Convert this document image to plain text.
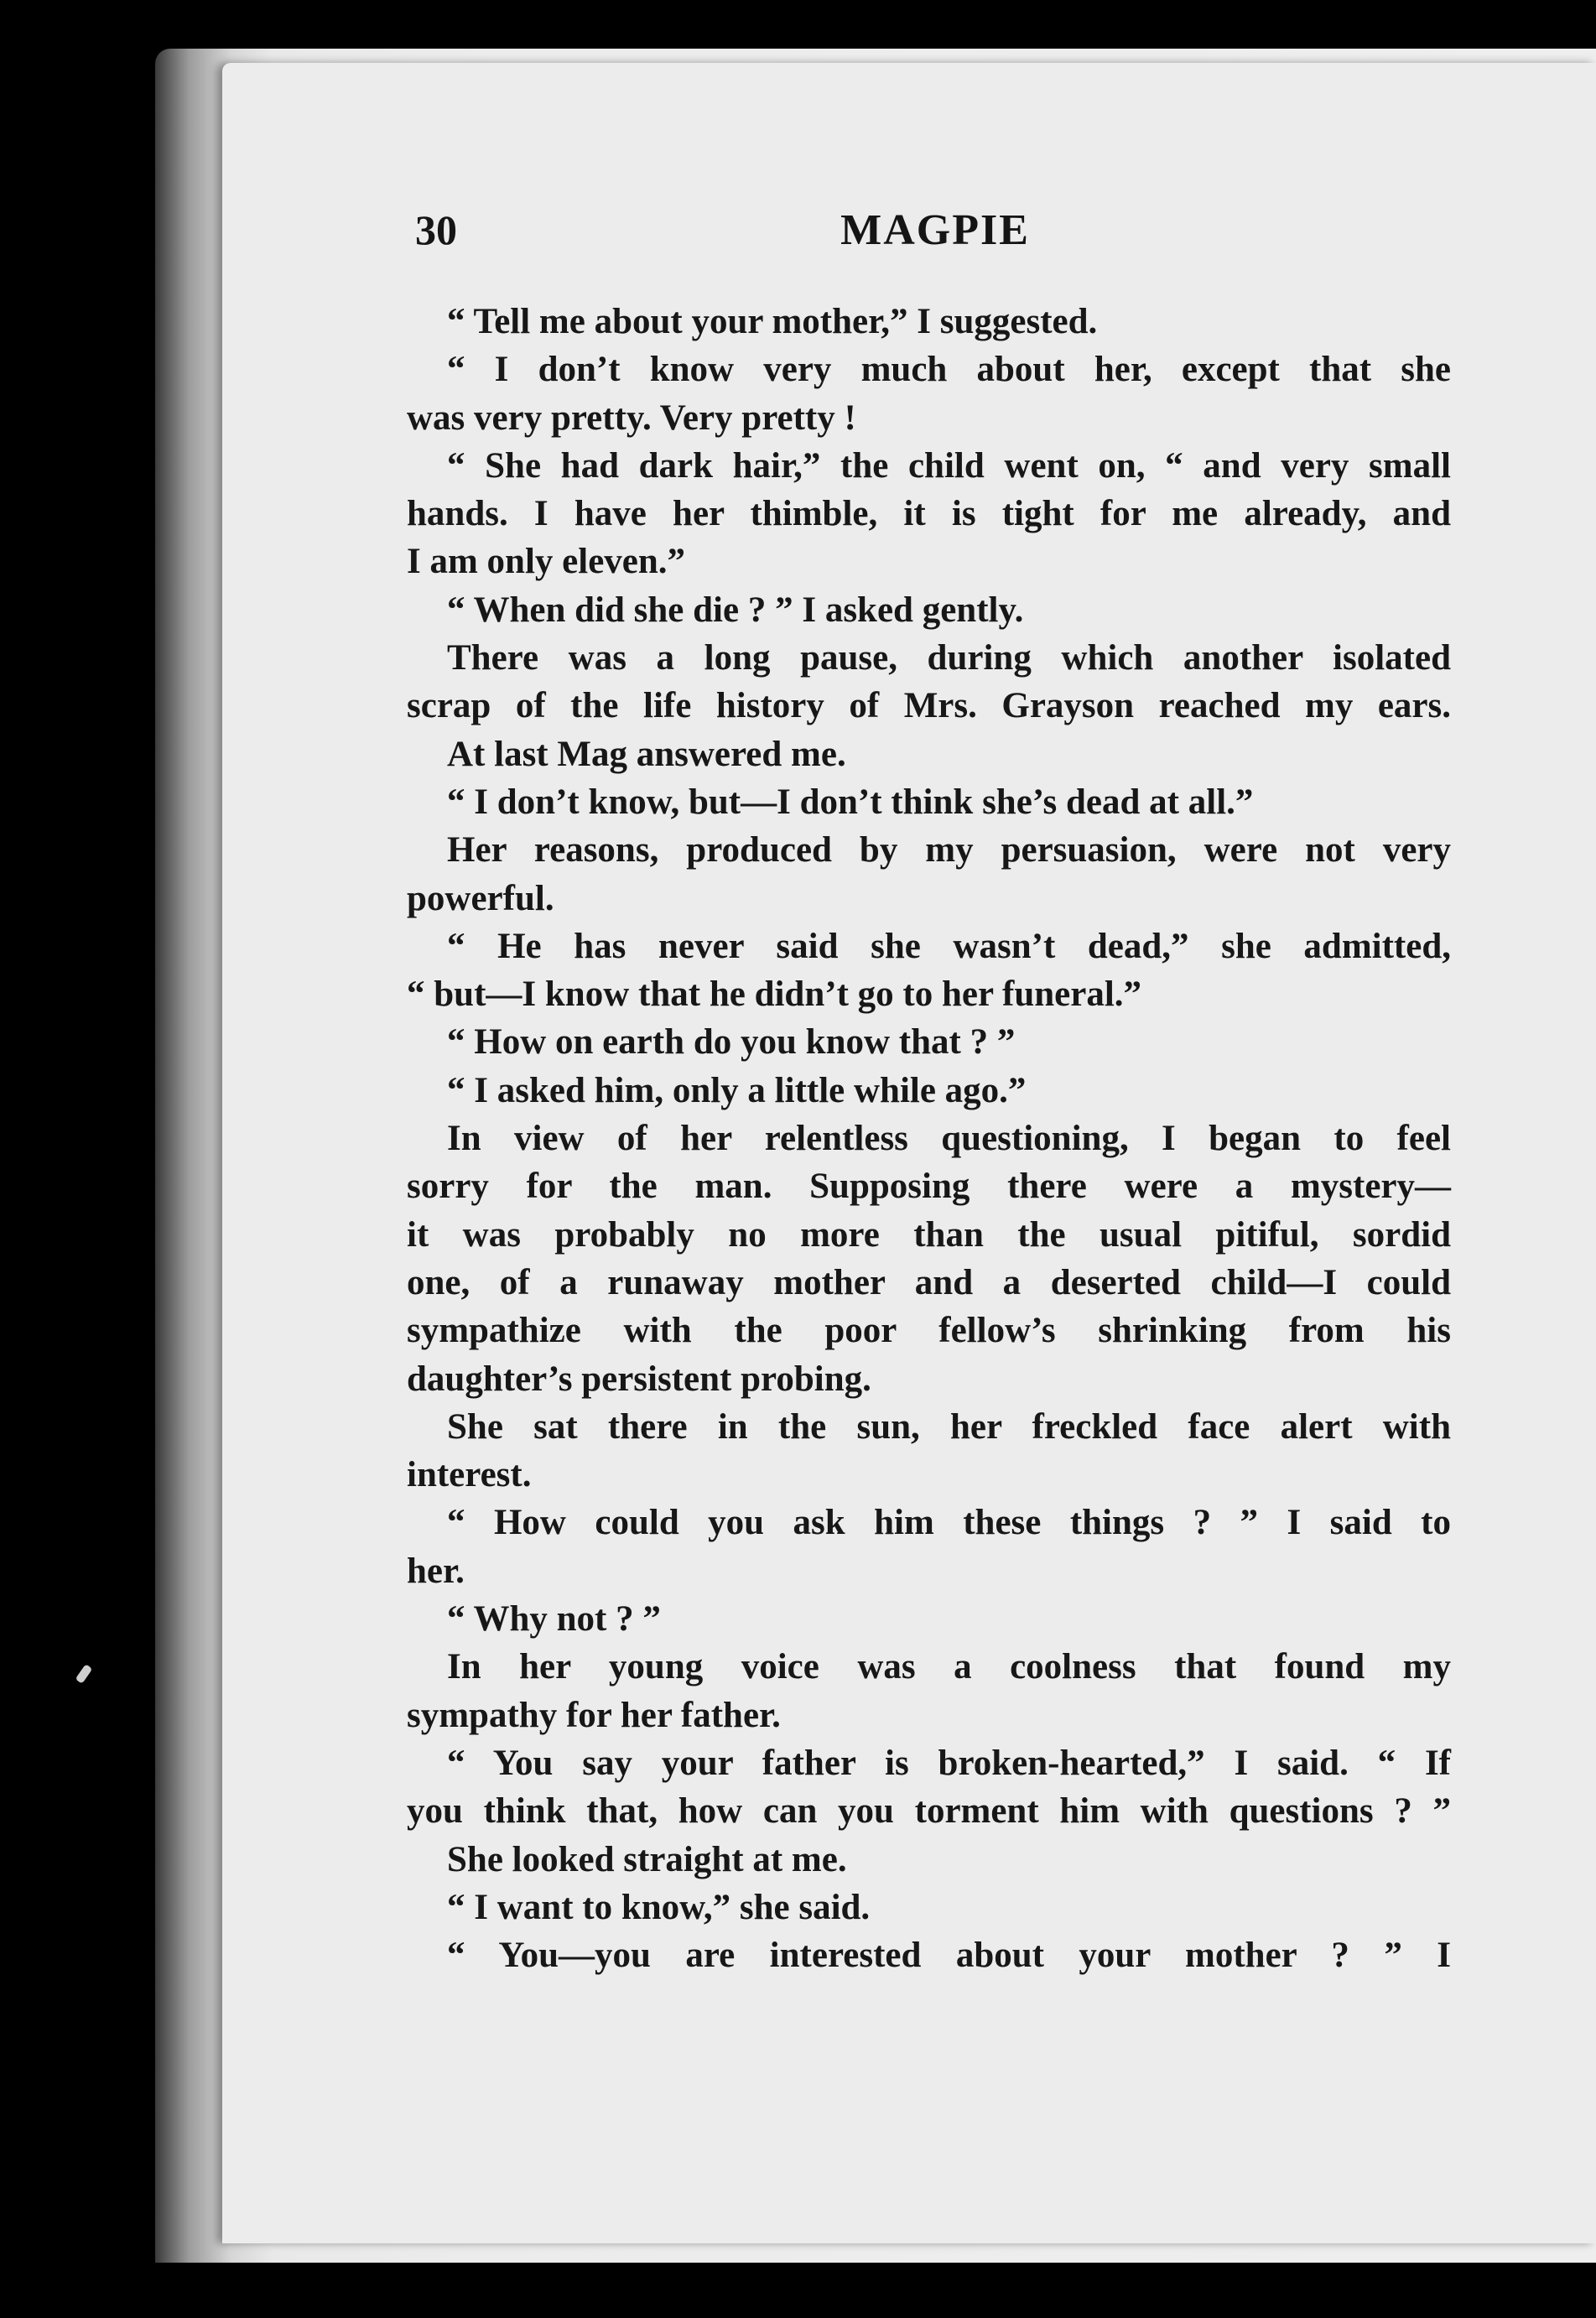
30	MAGPIE
“ Tell me about your mother,” I suggested.
“ I don’t know very much about her, except that she
was very pretty. Very pretty !
“ She had dark hair,” the child went on, “ and very small
hands. I have her thimble, it is tight for me already, and
I am only eleven.”
“ When did she die ? ” I asked gently.
There was a long pause, during which another isolated
scrap of the life history of Mrs. Grayson reached my ears.
At last Mag answered me.
“ I don’t know, but—I don’t think she’s dead at all.”
Her reasons, produced by my persuasion, were not very
powerful.
“ He has never said she wasn’t dead,” she admitted,
“ but—I know that he didn’t go to her funeral.”
“ How on earth do you know that ? ”
“ I asked him, only a little while ago.”
In view of her relentless questioning, I began to feel
sorry for the man. Supposing there were a mystery—
it was probably no more than the usual pitiful, sordid
one, of a runaway mother and a deserted child—I could
sympathize with the poor fellow’s shrinking from his
daughter’s persistent probing.
She sat there in the sun, her freckled face alert with
interest.
“ How could you ask him these things ? ” I said to
her.
“ Why not ? ”
In her young voice was a coolness that found my
sympathy for her father.
“ You say your father is broken-hearted,” I said. “ If
you think that, how can you torment him with questions ? ”
She looked straight at me.
“ I want to know,” she said.
“ You—you are interested about your mother ? ” I
